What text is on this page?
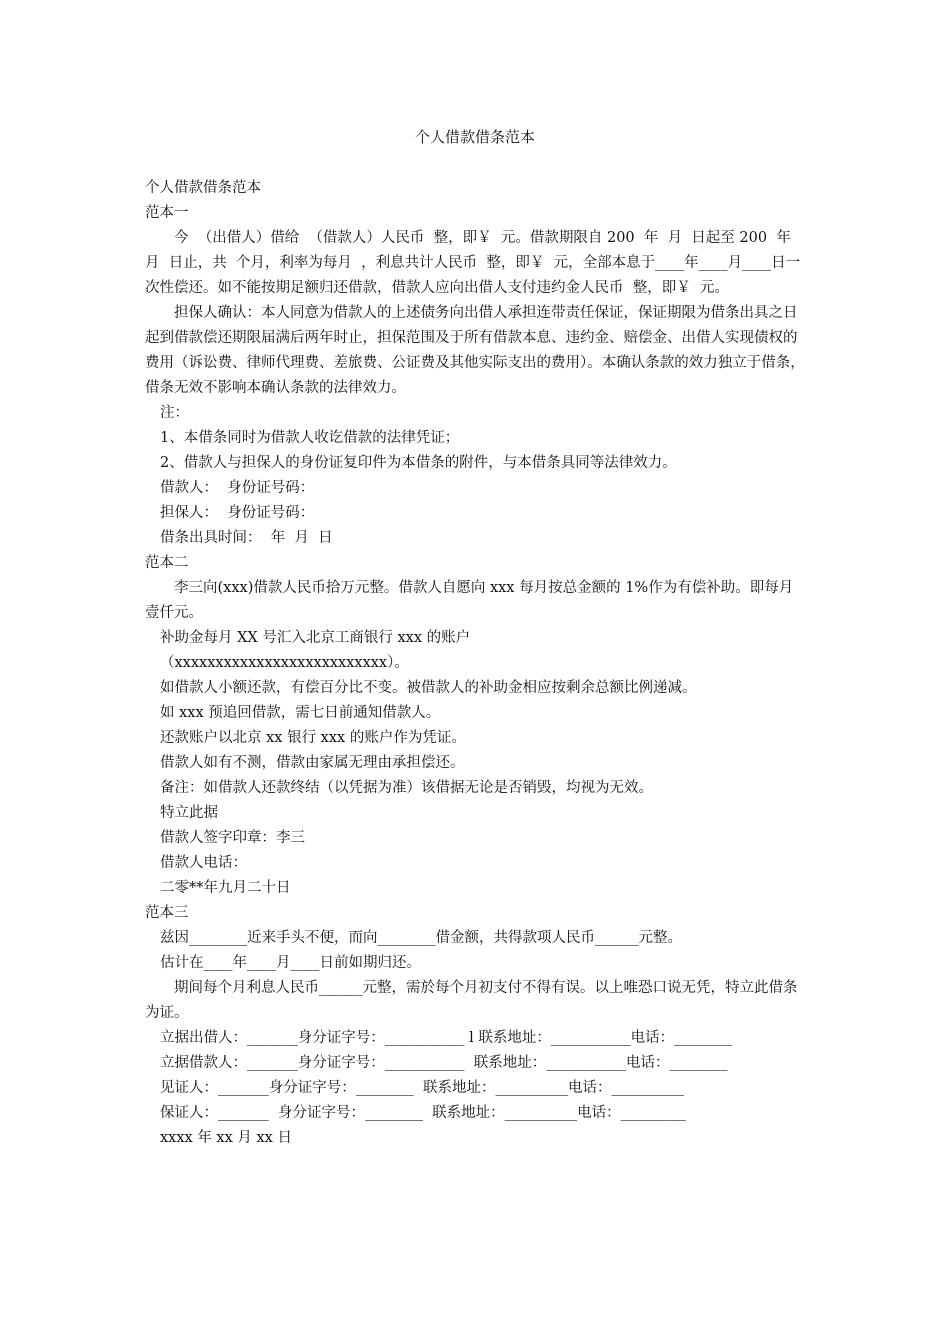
个人借款借条范本

个人借款借条范本

范本一

今  （出借人）借给  （借款人）人民币  整，即￥  元。借款期限自 200  年  月  日起至 200  年  月  日止，共  个月，利率为每月  ，利息共计人民币  整，即￥  元，全部本息于____年____月____日一次性偿还。如不能按期足额归还借款，借款人应向出借人支付违约金人民币  整，即￥  元。

担保人确认：本人同意为借款人的上述债务向出借人承担连带责任保证，保证期限为借条出具之日起到借款偿还期限届满后两年时止，担保范围及于所有借款本息、违约金、赔偿金、出借人实现债权的费用（诉讼费、律师代理费、差旅费、公证费及其他实际支出的费用）。本确认条款的效力独立于借条，借条无效不影响本确认条款的法律效力。

注：

1、本借条同时为借款人收讫借款的法律凭证；

2、借款人与担保人的身份证复印件为本借条的附件，与本借条具同等法律效力。

借款人：  身份证号码：

担保人：  身份证号码：

借条出具时间：  年  月  日

范本二

李三向(xxx)借款人民币拾万元整。借款人自愿向 xxx 每月按总金额的 1%作为有偿补助。即每月壹仟元。

补助金每月 XX 号汇入北京工商银行 xxx 的账户

（xxxxxxxxxxxxxxxxxxxxxxxxxx）。

如借款人小额还款，有偿百分比不变。被借款人的补助金相应按剩余总额比例递减。

如 xxx 预追回借款，需七日前通知借款人。

还款账户以北京 xx 银行 xxx 的账户作为凭证。

借款人如有不测，借款由家属无理由承担偿还。

备注：如借款人还款终结（以凭据为准）该借据无论是否销毁，均视为无效。

特立此据

借款人签字印章：李三

借款人电话：

二零**年九月二十日

范本三

兹因________近来手头不便，而向________借金额，共得款项人民币______元整。

估计在____年____月____日前如期归还。

期间每个月利息人民币______元整，需於每个月初支付不得有误。以上唯恐口说无凭，特立此借条为证。

立据出借人：_______身分证字号：___________ l 联系地址：___________电话：________

立据借款人：_______身分证字号：___________  联系地址：___________电话：________

见证人：_______身分证字号：________  联系地址：__________电话：__________

保证人：_______  身分证字号：________  联系地址：__________电话：_________

xxxx 年 xx 月 xx 日
